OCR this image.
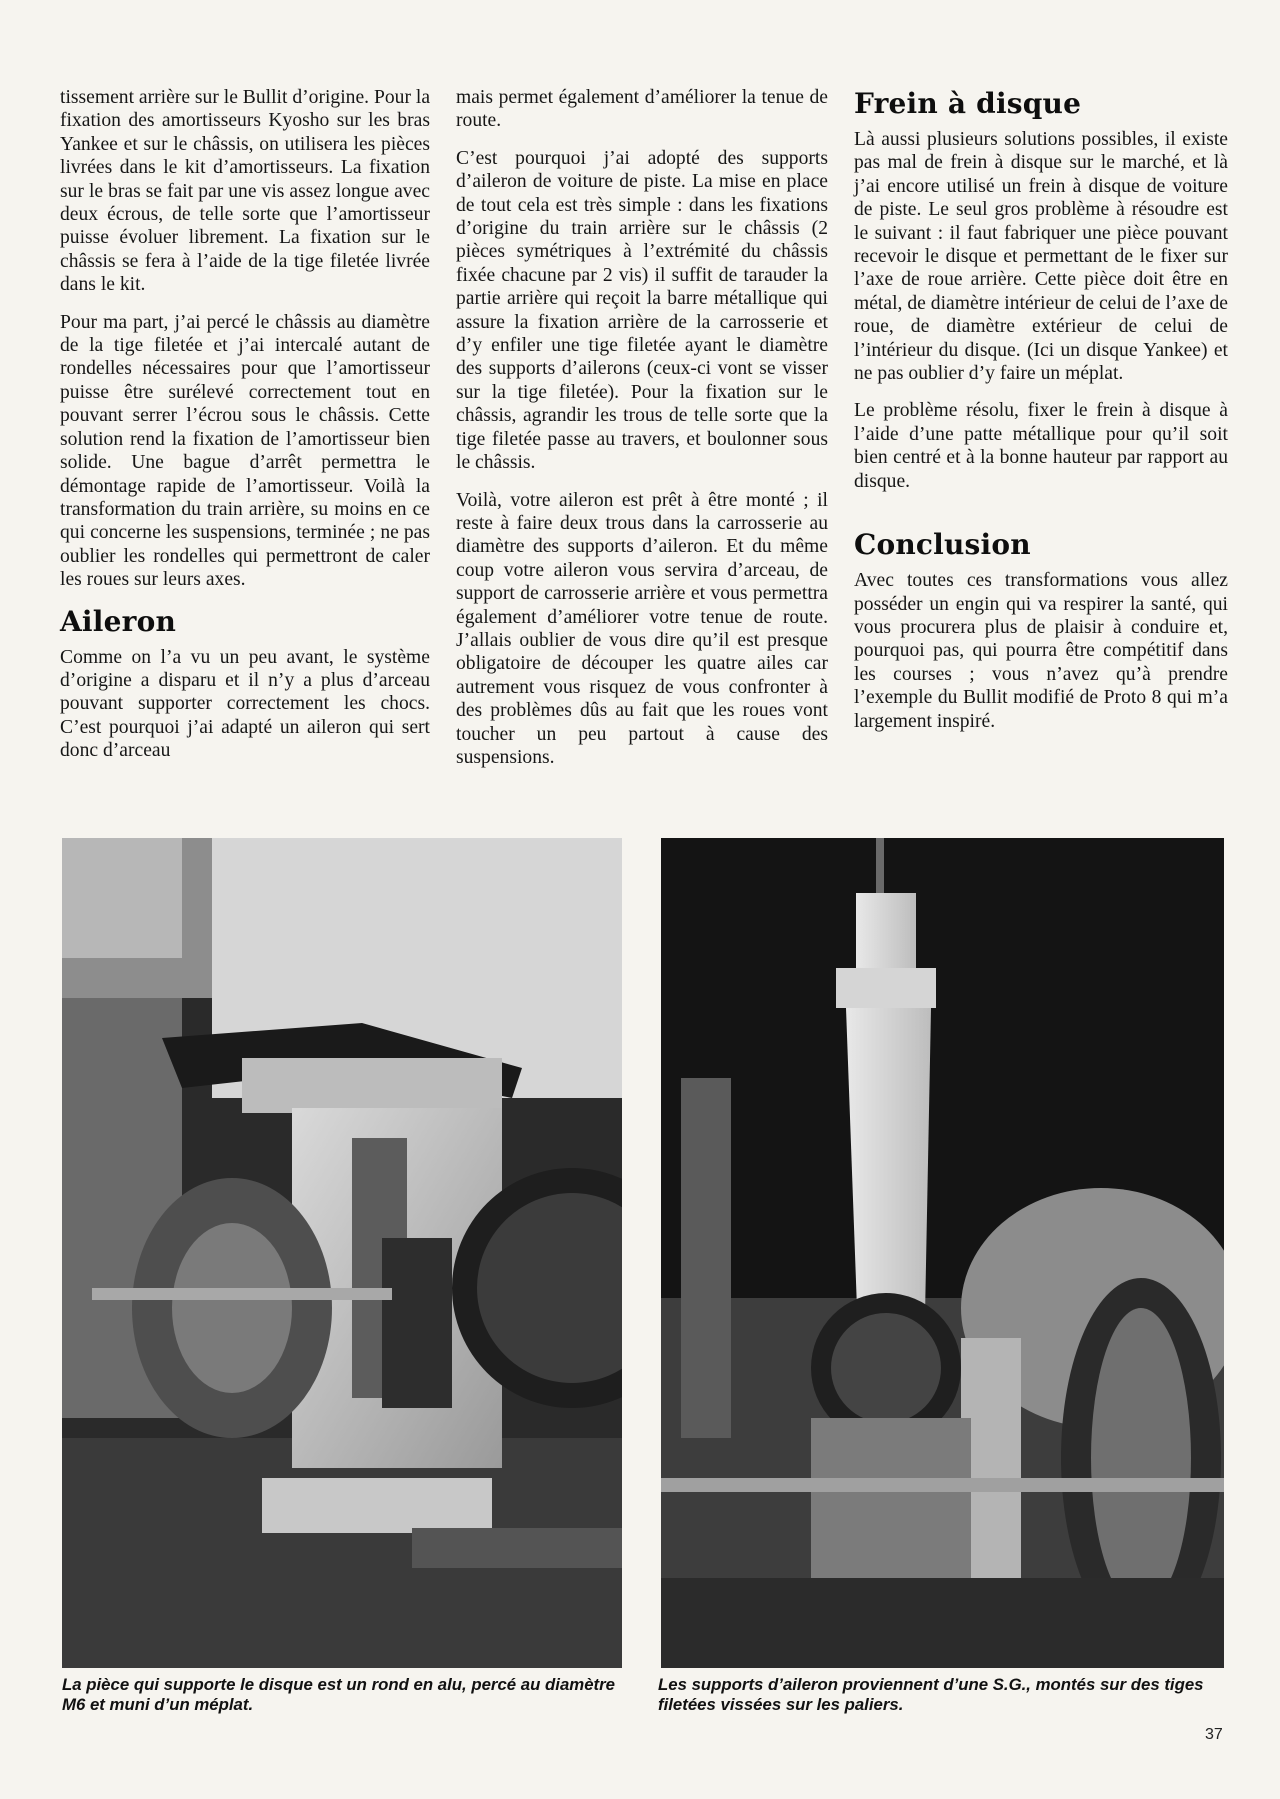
tissement arrière sur le Bullit d’origine. Pour la fixation des amortisseurs Kyosho sur les bras Yankee et sur le châssis, on utilisera les pièces livrées dans le kit d’amortisseurs. La fixation sur le bras se fait par une vis assez longue avec deux écrous, de telle sorte que l’amortisseur puisse évoluer librement. La fixation sur le châssis se fera à l’aide de la tige filetée livrée dans le kit.

Pour ma part, j’ai percé le châssis au diamètre de la tige filetée et j’ai intercalé autant de rondelles nécessaires pour que l’amortisseur puisse être surélevé correctement tout en pouvant serrer l’écrou sous le châssis. Cette solution rend la fixation de l’amortisseur bien solide. Une bague d’arrêt permettra le démontage rapide de l’amortisseur. Voilà la transformation du train arrière, su moins en ce qui concerne les suspensions, terminée ; ne pas oublier les rondelles qui permettront de caler les roues sur leurs axes.

Aileron

Comme on l’a vu un peu avant, le système d’origine a disparu et il n’y a plus d’arceau pouvant supporter correctement les chocs. C’est pourquoi j’ai adapté un aileron qui sert donc d’arceau

mais permet également d’améliorer la tenue de route.

C’est pourquoi j’ai adopté des supports d’aileron de voiture de piste. La mise en place de tout cela est très simple : dans les fixations d’origine du train arrière sur le châssis (2 pièces symétriques à l’extrémité du châssis fixée chacune par 2 vis) il suffit de tarauder la partie arrière qui reçoit la barre métallique qui assure la fixation arrière de la carrosserie et d’y enfiler une tige filetée ayant le diamètre des supports d’ailerons (ceux-ci vont se visser sur la tige filetée). Pour la fixation sur le châssis, agrandir les trous de telle sorte que la tige filetée passe au travers, et boulonner sous le châssis.

Voilà, votre aileron est prêt à être monté ; il reste à faire deux trous dans la carrosserie au diamètre des supports d’aileron. Et du même coup votre aileron vous servira d’arceau, de support de carrosserie arrière et vous permettra également d’améliorer votre tenue de route. J’allais oublier de vous dire qu’il est presque obligatoire de découper les quatre ailes car autrement vous risquez de vous confronter à des problèmes dûs au fait que les roues vont toucher un peu partout à cause des suspensions.

Frein à disque

Là aussi plusieurs solutions possibles, il existe pas mal de frein à disque sur le marché, et là j’ai encore utilisé un frein à disque de voiture de piste. Le seul gros problème à résoudre est le suivant : il faut fabriquer une pièce pouvant recevoir le disque et permettant de le fixer sur l’axe de roue arrière. Cette pièce doit être en métal, de diamètre intérieur de celui de l’axe de roue, de diamètre extérieur de celui de l’intérieur du disque. (Ici un disque Yankee) et ne pas oublier d’y faire un méplat.

Le problème résolu, fixer le frein à disque à l’aide d’une patte métallique pour qu’il soit bien centré et à la bonne hauteur par rapport au disque.

Conclusion

Avec toutes ces transformations vous allez posséder un engin qui va respirer la santé, qui vous procurera plus de plaisir à conduire et, pourquoi pas, qui pourra être compétitif dans les courses ; vous n’avez qu’à prendre l’exemple du Bullit modifié de Proto 8 qui m’a largement inspiré.

La pièce qui supporte le disque est un rond en alu, percé au diamètre M6 et muni d’un méplat.
Les supports d’aileron proviennent d’une S.G., montés sur des tiges filetées vissées sur les paliers.
37
